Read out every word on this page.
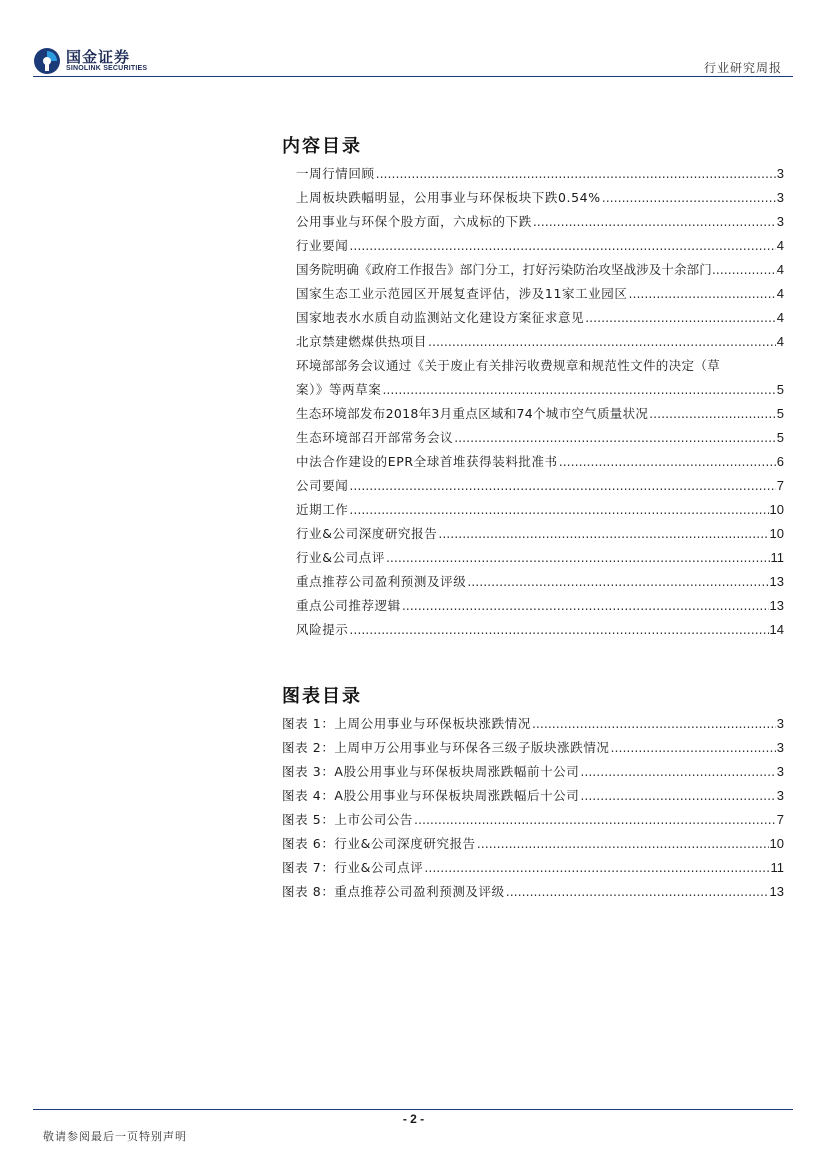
国金证券
SINOLINK SECURITIES	行业研究周报
内容目录
一周行情回顾 .....	3
上周板块跌幅明显，公用事业与环保板块下跌0.54% .....	3
公用事业与环保个股方面，六成标的下跌 .....	3
行业要闻 .....	4
国务院明确《政府工作报告》部门分工，打好污染防治攻坚战涉及十余部门 .....	4
国家生态工业示范园区开展复查评估，涉及11家工业园区 .....	4
国家地表水水质自动监测站文化建设方案征求意见 .....	4
北京禁建燃煤供热项目 .....	4
环境部部务会议通过《关于废止有关排污收费规章和规范性文件的决定（草
案）》等两草案 .....	5
生态环境部发布2018年3月重点区域和74个城市空气质量状况 .....	5
生态环境部召开部常务会议 .....	5
中法合作建设的EPR全球首堆获得装料批准书 .....	6
公司要闻 .....	7
近期工作 .....	10
行业&公司深度研究报告 .....	10
行业&公司点评 .....	11
重点推荐公司盈利预测及评级 .....	13
重点公司推荐逻辑 .....	13
风险提示 .....	14
图表目录
图表 1：上周公用事业与环保板块涨跌情况 .....	3
图表 2：上周申万公用事业与环保各三级子版块涨跌情况 .....	3
图表 3：A股公用事业与环保板块周涨跌幅前十公司 .....	3
图表 4：A股公用事业与环保板块周涨跌幅后十公司 .....	3
图表 5：上市公司公告 .....	7
图表 6：行业&公司深度研究报告 .....	10
图表 7：行业&公司点评 .....	11
图表 8：重点推荐公司盈利预测及评级 .....	13
- 2 -
敬请参阅最后一页特别声明
